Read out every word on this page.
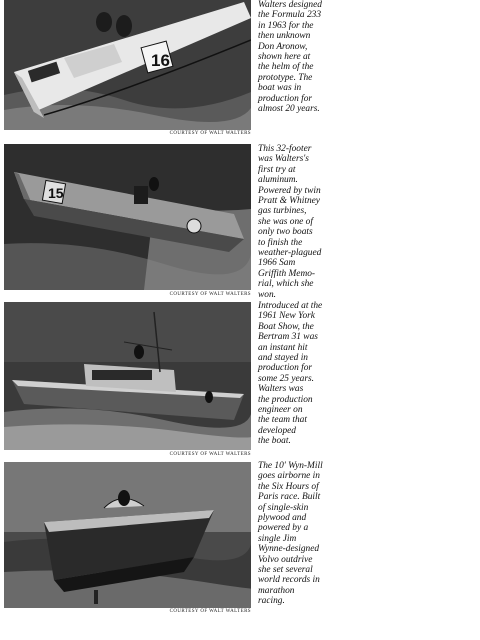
16
COURTESY OF WALT WALTERS
Walters designed
the Formula 233
in 1963 for the
then unknown
Don Aronow,
shown here at
the helm of the
prototype. The
boat was in
production for
almost 20 years.
15
COURTESY OF WALT WALTERS
This 32-footer
was Walters's
first try at
aluminum.
Powered by twin
Pratt & Whitney
gas turbines,
she was one of
only two boats
to finish the
weather-plagued
1966 Sam
Griffith Memo-
rial, which she
won.
COURTESY OF WALT WALTERS
Introduced at the
1961 New York
Boat Show, the
Bertram 31 was
an instant hit
and stayed in
production for
some 25 years.
Walters was
the production
engineer on
the team that
developed
the boat.
COURTESY OF WALT WALTERS
The 10' Wyn-Mill
goes airborne in
the Six Hours of
Paris race. Built
of single-skin
plywood and
powered by a
single Jim
Wynne-designed
Volvo outdrive
she set several
world records in
marathon
racing.
